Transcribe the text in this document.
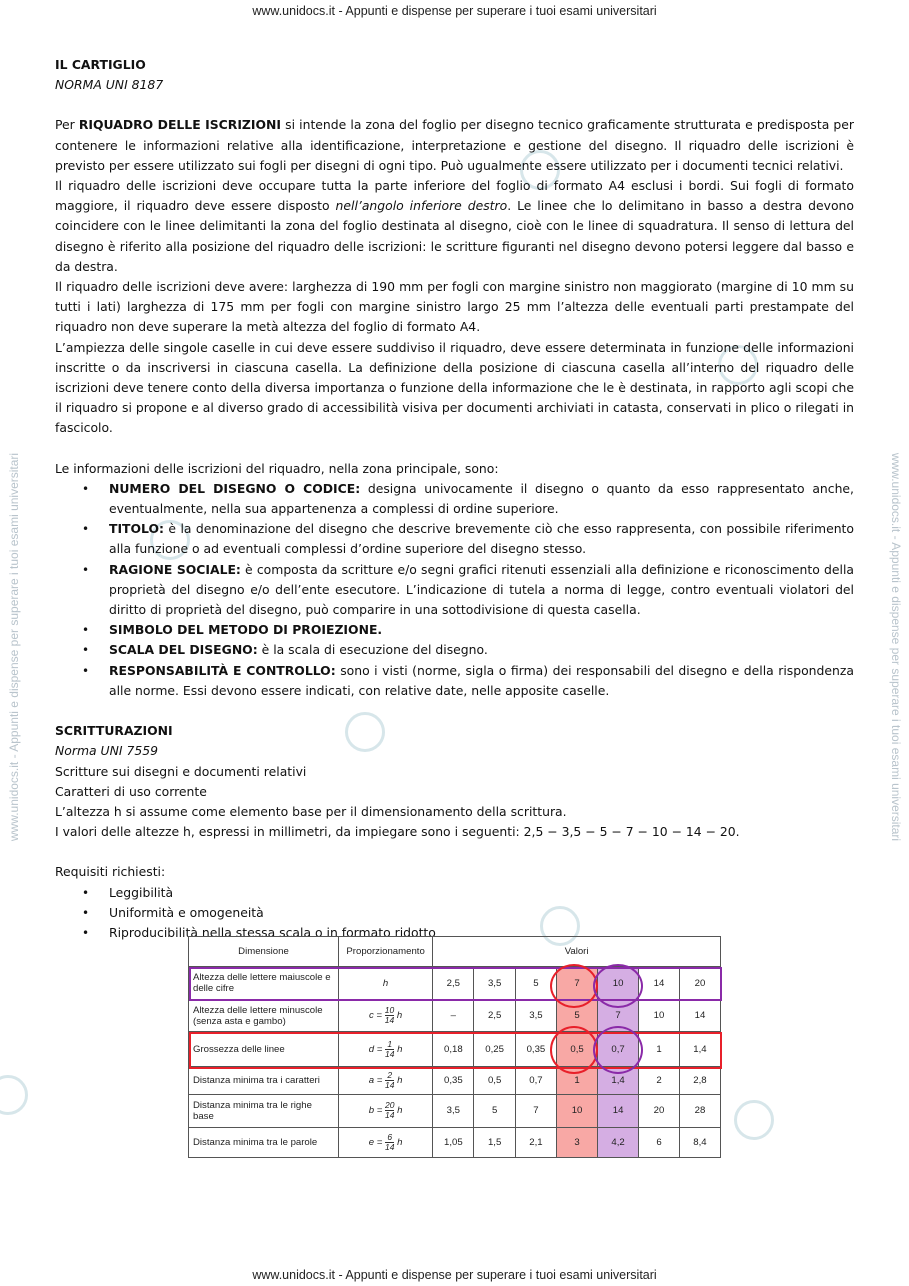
www.unidocs.it - Appunti e dispense per superare i tuoi esami universitari
www.unidocs.it - Appunti e dispense per superare i tuoi esami universitari
www.unidocs.it - Appunti e dispense per superare i tuoi esami universitari	www.unidocs.it - Appunti e dispense per superare i tuoi esami universitari

IL CARTIGLIO

NORMA UNI 8187

Per RIQUADRO DELLE ISCRIZIONI si intende la zona del foglio per disegno tecnico graficamente strutturata e predisposta per contenere le informazioni relative alla identificazione, interpretazione e gestione del disegno. Il riquadro delle iscrizioni è previsto per essere utilizzato sui fogli per disegni di ogni tipo. Può ugualmente essere utilizzato per i documenti tecnici relativi.

Il riquadro delle iscrizioni deve occupare tutta la parte inferiore del foglio di formato A4 esclusi i bordi. Sui fogli di formato maggiore, il riquadro deve essere disposto nell’angolo inferiore destro. Le linee che lo delimitano in basso a destra devono coincidere con le linee delimitanti la zona del foglio destinata al disegno, cioè con le linee di squadratura. Il senso di lettura del disegno è riferito alla posizione del riquadro delle iscrizioni: le scritture figuranti nel disegno devono potersi leggere dal basso e da destra.

Il riquadro delle iscrizioni deve avere: larghezza di 190 mm per fogli con margine sinistro non maggiorato (margine di 10 mm su tutti i lati) larghezza di 175 mm per fogli con margine sinistro largo 25 mm l’altezza delle eventuali parti prestampate del riquadro non deve superare la metà altezza del foglio di formato A4.

L’ampiezza delle singole caselle in cui deve essere suddiviso il riquadro, deve essere determinata in funzione delle informazioni inscritte o da inscriversi in ciascuna casella. La definizione della posizione di ciascuna casella all’interno del riquadro delle iscrizioni deve tenere conto della diversa importanza o funzione della informazione che le è destinata, in rapporto agli scopi che il riquadro si propone e al diverso grado di accessibilità visiva per documenti archiviati in catasta, conservati in plico o rilegati in fascicolo.

Le informazioni delle iscrizioni del riquadro, nella zona principale, sono:

• NUMERO DEL DISEGNO O CODICE: designa univocamente il disegno o quanto da esso rappresentato anche, eventualmente, nella sua appartenenza a complessi di ordine superiore.
• TITOLO: è la denominazione del disegno che descrive brevemente ciò che esso rappresenta, con possibile riferimento alla funzione o ad eventuali complessi d’ordine superiore del disegno stesso.
• RAGIONE SOCIALE: è composta da scritture e/o segni grafici ritenuti essenziali alla definizione e riconoscimento della proprietà del disegno e/o dell’ente esecutore. L’indicazione di tutela a norma di legge, contro eventuali violatori del diritto di proprietà del disegno, può comparire in una sottodivisione di questa casella.
• SIMBOLO DEL METODO DI PROIEZIONE.
• SCALA DEL DISEGNO: è la scala di esecuzione del disegno.
• RESPONSABILITÀ E CONTROLLO: sono i visti (norme, sigla o firma) dei responsabili del disegno e della rispondenza alle norme. Essi devono essere indicati, con relative date, nelle apposite caselle.

SCRITTURAZIONI

Norma UNI 7559

Scritture sui disegni e documenti relativi

Caratteri di uso corrente

L’altezza h si assume come elemento base per il dimensionamento della scrittura.

I valori delle altezze h, espressi in millimetri, da impiegare sono i seguenti: 2,5 − 3,5 − 5 − 7 − 10 − 14 − 20.

Requisiti richiesti:

• Leggibilità
• Uniformità e omogeneità
• Riproducibilità nella stessa scala o in formato ridotto
Dimensione	Proporzionamento	Valori						
Altezza delle lettere maiuscole e delle cifre	h	2,5	3,5	5	7	10	14	20
Altezza delle lettere minuscole (senza asta e gambo)	$c = \frac{10}{14}$ h	–	2,5	3,5	5	7	10	14
Grossezza delle linee	$d = \frac{1}{14}$ h	0,18	0,25	0,35	0,5	0,7	1	1,4
Distanza minima tra i caratteri	$a = \frac{2}{14}$ h	0,35	0,5	0,7	1	1,4	2	2,8
Distanza minima tra le righe base	$b = \frac{20}{14}$ h	3,5	5	7	10	14	20	28
Distanza minima tra le parole	$e = \frac{6}{14}$ h	1,05	1,5	2,1	3	4,2	6	8,4
